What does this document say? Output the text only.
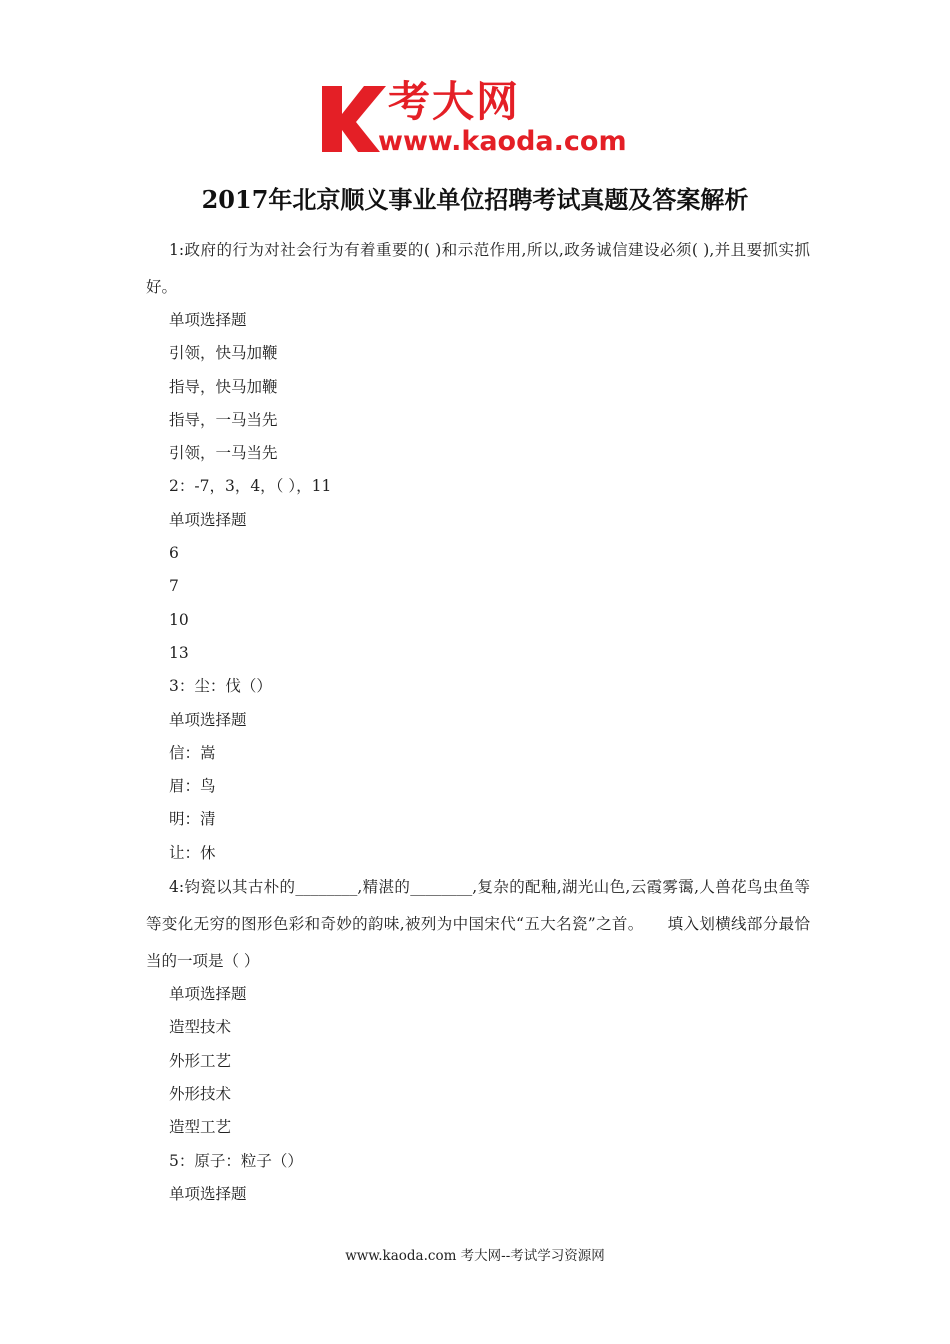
考大网
www.kaoda.com
2017年北京顺义事业单位招聘考试真题及答案解析
1:政府的行为对社会行为有着重要的( )和示范作用,所以,政务诚信建设必须( ),并且要抓实抓好。
单项选择题
引领，快马加鞭
指导，快马加鞭
指导，一马当先
引领，一马当先
2：-7，3，4，（ ），11
单项选择题
6
7
10
13
3：尘：伐（）
单项选择题
信：嵩
眉：鸟
明：清
让：休
4:钧瓷以其古朴的________,精湛的________,复杂的配釉,湖光山色,云霞雾霭,人兽花鸟虫鱼等等变化无穷的图形色彩和奇妙的韵味,被列为中国宋代“五大名瓷”之首。　　填入划横线部分最恰当的一项是（ ）
单项选择题
造型技术
外形工艺
外形技术
造型工艺
5：原子：粒子（）
单项选择题
www.kaoda.com 考大网--考试学习资源网
